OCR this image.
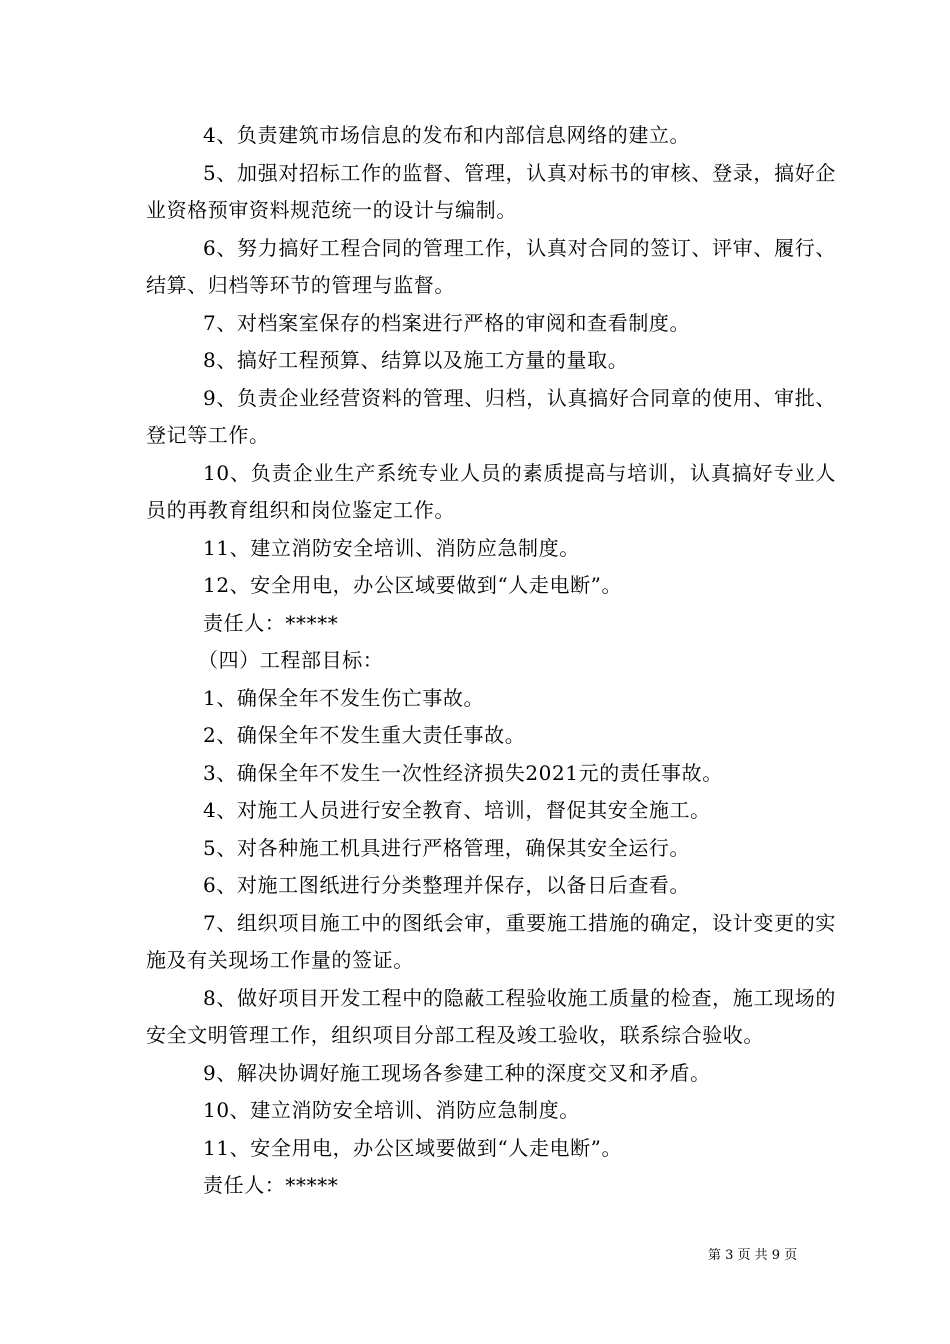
4、负责建筑市场信息的发布和内部信息网络的建立。

5、加强对招标工作的监督、管理，认真对标书的审核、登录，搞好企业资格预审资料规范统一的设计与编制。

6、努力搞好工程合同的管理工作，认真对合同的签订、评审、履行、结算、归档等环节的管理与监督。

7、对档案室保存的档案进行严格的审阅和查看制度。

8、搞好工程预算、结算以及施工方量的量取。

9、负责企业经营资料的管理、归档，认真搞好合同章的使用、审批、登记等工作。

10、负责企业生产系统专业人员的素质提高与培训，认真搞好专业人员的再教育组织和岗位鉴定工作。

11、建立消防安全培训、消防应急制度。

12、安全用电，办公区域要做到“人走电断”。

责任人：*****

（四）工程部目标：

1、确保全年不发生伤亡事故。

2、确保全年不发生重大责任事故。

3、确保全年不发生一次性经济损失2021元的责任事故。

4、对施工人员进行安全教育、培训，督促其安全施工。

5、对各种施工机具进行严格管理，确保其安全运行。

6、对施工图纸进行分类整理并保存，以备日后查看。

7、组织项目施工中的图纸会审，重要施工措施的确定，设计变更的实施及有关现场工作量的签证。

8、做好项目开发工程中的隐蔽工程验收施工质量的检查，施工现场的安全文明管理工作，组织项目分部工程及竣工验收，联系综合验收。

9、解决协调好施工现场各参建工种的深度交叉和矛盾。

10、建立消防安全培训、消防应急制度。

11、安全用电，办公区域要做到“人走电断”。

责任人：*****

第 3 页 共 9 页
